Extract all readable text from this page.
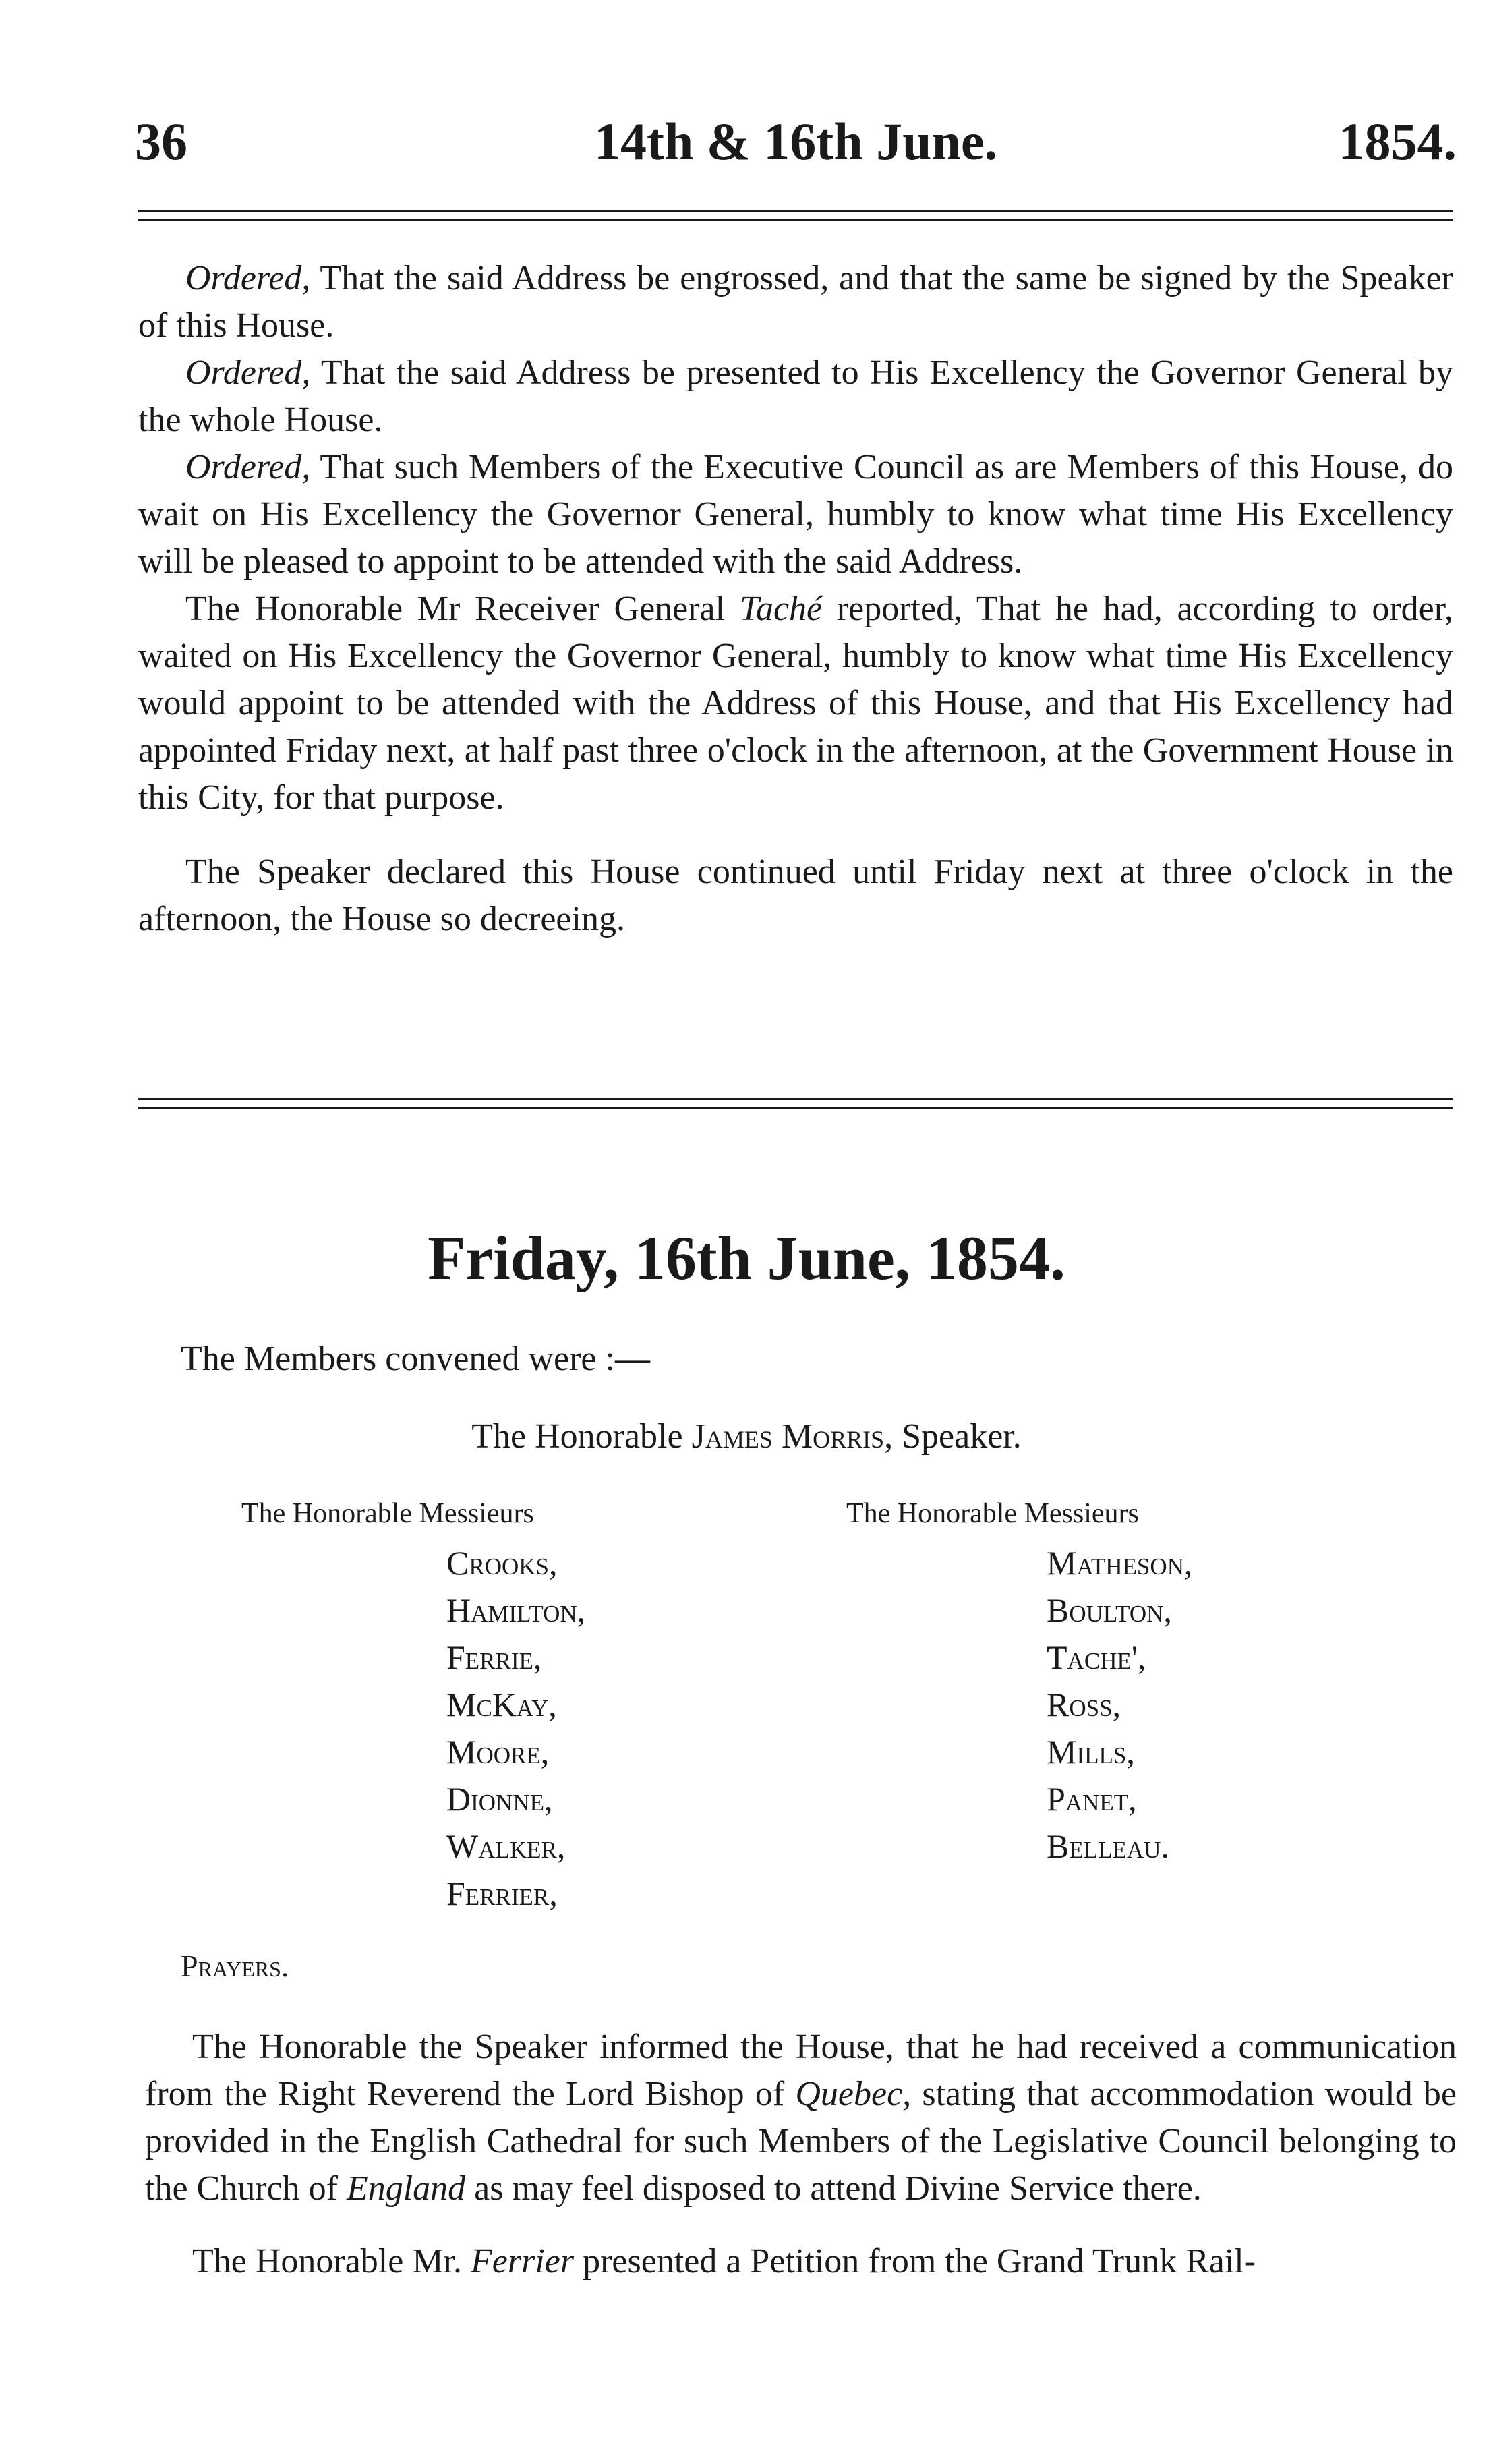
36	14th & 16th June.	1854.

Ordered, That the said Address be engrossed, and that the same be signed by the Speaker of this House.

Ordered, That the said Address be presented to His Excellency the Governor General by the whole House.

Ordered, That such Members of the Executive Council as are Members of this House, do wait on His Excellency the Governor General, humbly to know what time His Excellency will be pleased to appoint to be attended with the said Address.

The Honorable Mr Receiver General Taché reported, That he had, according to order, waited on His Excellency the Governor General, humbly to know what time His Excellency would appoint to be attended with the Address of this House, and that His Excellency had appointed Friday next, at half past three o'clock in the afternoon, at the Government House in this City, for that purpose.

The Speaker declared this House continued until Friday next at three o'clock in the afternoon, the House so decreeing.

Friday, 16th June, 1854.
The Members convened were :—
The Honorable James Morris, Speaker.
The Honorable Messieurs	The Honorable Messieurs
Crooks,
Hamilton,
Ferrie,
McKay,
Moore,
Dionne,
Walker,
Ferrier,
Matheson,
Boulton,
Tache',
Ross,
Mills,
Panet,
Belleau.
Prayers.

The Honorable the Speaker informed the House, that he had received a communication from the Right Reverend the Lord Bishop of Quebec, stating that accommodation would be provided in the English Cathedral for such Members of the Legislative Council belonging to the Church of England as may feel disposed to attend Divine Service there.

The Honorable Mr. Ferrier presented a Petition from the Grand Trunk Rail-
